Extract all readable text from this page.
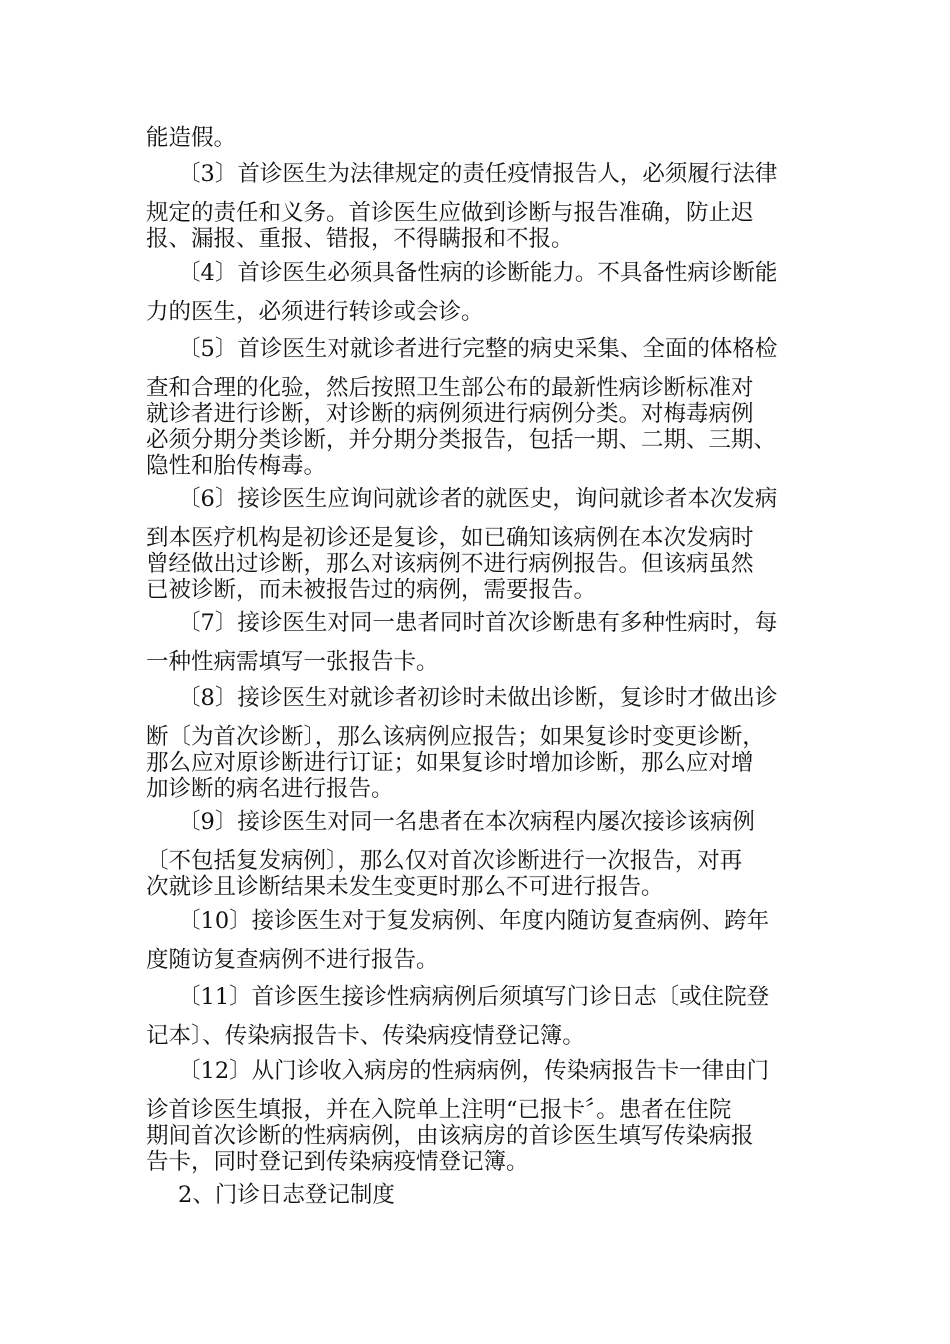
能造假。
〔3〕首诊医生为法律规定的责任疫情报告人，必须履行法律
规定的责任和义务。首诊医生应做到诊断与报告准确，防止迟
报、漏报、重报、错报，不得瞒报和不报。
〔4〕首诊医生必须具备性病的诊断能力。不具备性病诊断能
力的医生，必须进行转诊或会诊。
〔5〕首诊医生对就诊者进行完整的病史采集、全面的体格检
查和合理的化验，然后按照卫生部公布的最新性病诊断标准对
就诊者进行诊断，对诊断的病例须进行病例分类。对梅毒病例
必须分期分类诊断，并分期分类报告，包括一期、二期、三期、
隐性和胎传梅毒。
〔6〕接诊医生应询问就诊者的就医史，询问就诊者本次发病
到本医疗机构是初诊还是复诊，如已确知该病例在本次发病时
曾经做出过诊断，那么对该病例不进行病例报告。但该病虽然
已被诊断，而未被报告过的病例，需要报告。
〔7〕接诊医生对同一患者同时首次诊断患有多种性病时，每
一种性病需填写一张报告卡。
〔8〕接诊医生对就诊者初诊时未做出诊断，复诊时才做出诊
断〔为首次诊断〕，那么该病例应报告；如果复诊时变更诊断，
那么应对原诊断进行订证；如果复诊时增加诊断，那么应对增
加诊断的病名进行报告。
〔9〕接诊医生对同一名患者在本次病程内屡次接诊该病例
〔不包括复发病例〕，那么仅对首次诊断进行一次报告，对再
次就诊且诊断结果未发生变更时那么不可进行报告。
〔10〕接诊医生对于复发病例、年度内随访复查病例、跨年
度随访复查病例不进行报告。
〔11〕首诊医生接诊性病病例后须填写门诊日志〔或住院登
记本〕、传染病报告卡、传染病疫情登记簿。
〔12〕从门诊收入病房的性病病例，传染病报告卡一律由门
诊首诊医生填报，并在入院单上注明“已报卡〞。患者在住院
期间首次诊断的性病病例，由该病房的首诊医生填写传染病报
告卡，同时登记到传染病疫情登记簿。
2、门诊日志登记制度
